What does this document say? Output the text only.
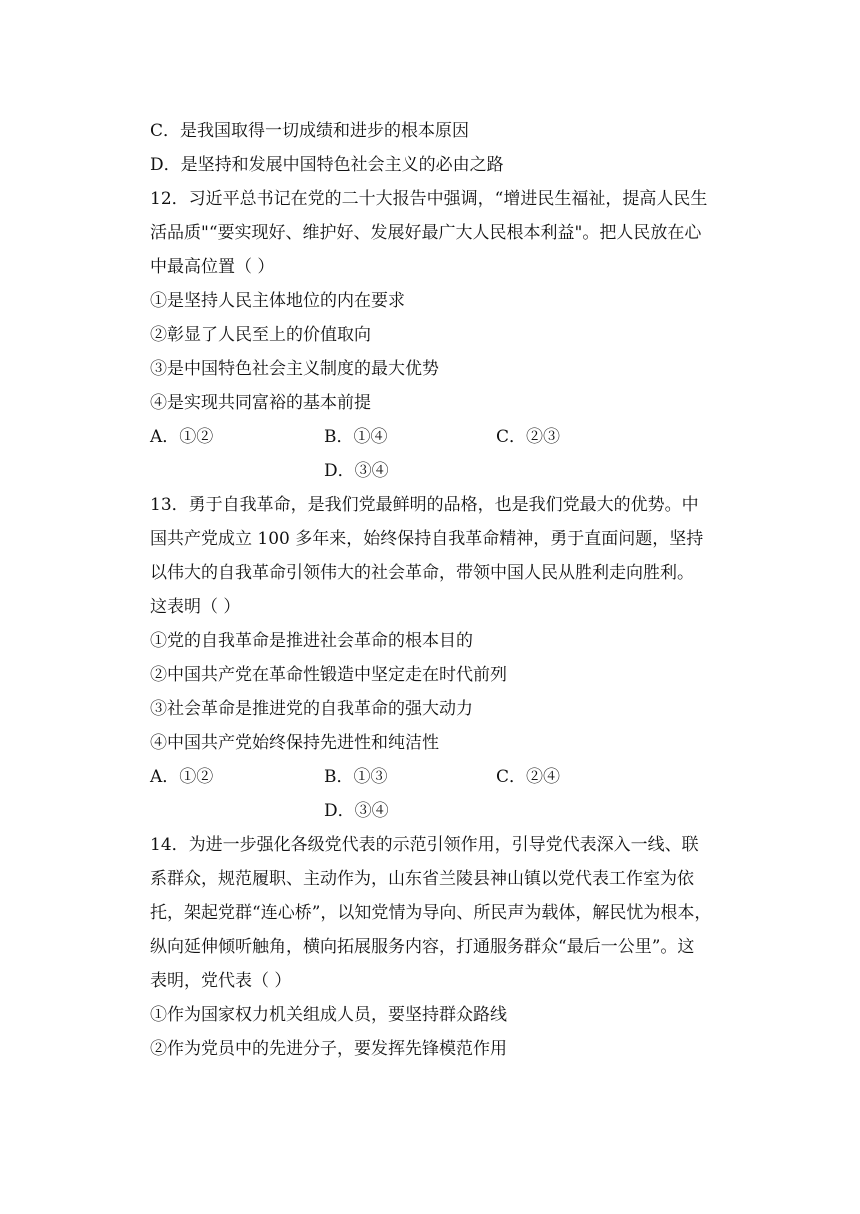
C．是我国取得一切成绩和进步的根本原因
D．是坚持和发展中国特色社会主义的必由之路
12．习近平总书记在党的二十大报告中强调，“增进民生福祉，提高人民生
活品质"“要实现好、维护好、发展好最广大人民根本利益"。把人民放在心
中最高位置（ ）
①是坚持人民主体地位的内在要求
②彰显了人民至上的价值取向
③是中国特色社会主义制度的最大优势
④是实现共同富裕的基本前提
A．①②	B．①④	C．②③
D．③④
13．勇于自我革命，是我们党最鲜明的品格，也是我们党最大的优势。中
国共产党成立 100 多年来，始终保持自我革命精神，勇于直面问题，坚持
以伟大的自我革命引领伟大的社会革命，带领中国人民从胜利走向胜利。
这表明（ ）
①党的自我革命是推进社会革命的根本目的
②中国共产党在革命性锻造中坚定走在时代前列
③社会革命是推进党的自我革命的强大动力
④中国共产党始终保持先进性和纯洁性
A．①②	B．①③	C．②④
D．③④
14．为进一步强化各级党代表的示范引领作用，引导党代表深入一线、联
系群众，规范履职、主动作为，山东省兰陵县神山镇以党代表工作室为依
托，架起党群“连心桥”，以知党情为导向、所民声为载体，解民忧为根本，
纵向延伸倾听触角，横向拓展服务内容，打通服务群众“最后一公里”。这
表明，党代表（ ）
①作为国家权力机关组成人员，要坚持群众路线
②作为党员中的先进分子，要发挥先锋模范作用
